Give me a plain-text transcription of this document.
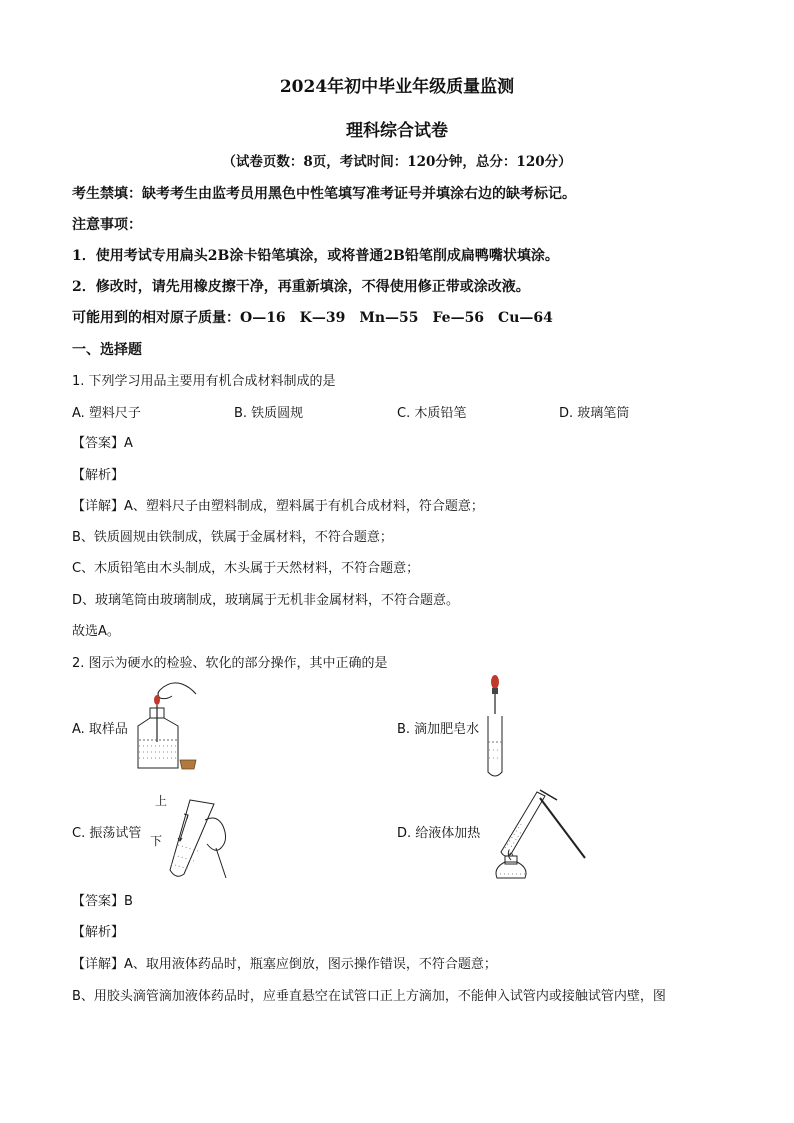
2024年初中毕业年级质量监测
理科综合试卷
（试卷页数：8页，考试时间：120分钟，总分：120分）
考生禁填：缺考考生由监考员用黑色中性笔填写准考证号并填涂右边的缺考标记。
注意事项：
1．使用考试专用扁头2B涂卡铅笔填涂，或将普通2B铅笔削成扁鸭嘴状填涂。
2．修改时，请先用橡皮擦干净，再重新填涂，不得使用修正带或涂改液。
可能用到的相对原子质量：O—16　K—39　Mn—55　Fe—56　Cu—64
一、选择题
1. 下列学习用品主要用有机合成材料制成的是
A. 塑料尺子	B. 铁质圆规	C. 木质铅笔	D. 玻璃笔筒
【答案】A
【解析】
【详解】A、塑料尺子由塑料制成，塑料属于有机合成材料，符合题意；
B、铁质圆规由铁制成，铁属于金属材料，不符合题意；
C、木质铅笔由木头制成，木头属于天然材料，不符合题意；
D、玻璃笔筒由玻璃制成，玻璃属于无机非金属材料，不符合题意。
故选A。
2. 图示为硬水的检验、软化的部分操作，其中正确的是
A. 取样品	B. 滴加肥皂水
C. 振荡试管	D. 给液体加热
上
下
【答案】B
【解析】
【详解】A、取用液体药品时，瓶塞应倒放，图示操作错误，不符合题意；
B、用胶头滴管滴加液体药品时，应垂直悬空在试管口正上方滴加，不能伸入试管内或接触试管内壁，图
